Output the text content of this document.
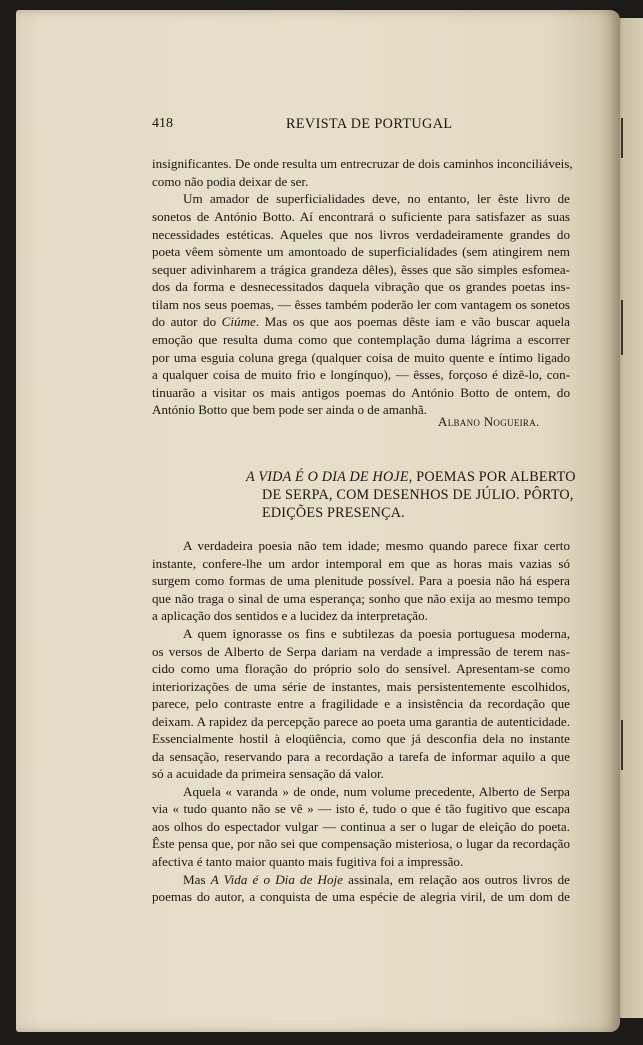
418	REVISTA DE PORTUGAL
insignificantes. De onde resulta um entrecruzar de dois caminhos inconciliáveis,
como não podia deixar de ser.
Um amador de superficialidades deve, no entanto, ler êste livro de
sonetos de António Botto. Aí encontrará o suficiente para satisfazer as suas
necessidades estéticas. Aqueles que nos livros verdadeiramente grandes do
poeta vêem sòmente um amontoado de superficialidades (sem atingirem nem
sequer adivinharem a trágica grandeza dêles), êsses que são simples esfomea-
dos da forma e desnecessitados daquela vibração que os grandes poetas ins-
tilam nos seus poemas, — êsses também poderão ler com vantagem os sonetos
do autor do Ciúme. Mas os que aos poemas dêste iam e vão buscar aquela
emoção que resulta duma como que contemplação duma lágrima a escorrer
por uma esguia coluna grega (qualquer coisa de muito quente e íntimo ligado
a qualquer coisa de muito frio e longínquo), — êsses, forçoso é dizê-lo, con-
tinuarão a visitar os mais antigos poemas do António Botto de ontem, do
António Botto que bem pode ser ainda o de amanhã.
Albano Nogueira.
A VIDA É O DIA DE HOJE, POEMAS POR ALBERTO
DE SERPA, COM DESENHOS DE JÚLIO. PÔRTO,
EDIÇÕES PRESENÇA.
A verdadeira poesia não tem idade; mesmo quando parece fixar certo
instante, confere-lhe um ardor intemporal em que as horas mais vazias só
surgem como formas de uma plenitude possível. Para a poesia não há espera
que não traga o sinal de uma esperança; sonho que não exija ao mesmo tempo
a aplicação dos sentidos e a lucidez da interpretação.
A quem ignorasse os fins e subtilezas da poesia portuguesa moderna,
os versos de Alberto de Serpa dariam na verdade a impressão de terem nas-
cido como uma floração do próprio solo do sensível. Apresentam-se como
interiorizações de uma série de instantes, mais persistentemente escolhidos,
parece, pelo contraste entre a fragilidade e a insistência da recordação que
deixam. A rapidez da percepção parece ao poeta uma garantia de autenticidade.
Essencialmente hostil à eloqüência, como que já desconfia dela no instante
da sensação, reservando para a recordação a tarefa de informar aquilo a que
só a acuidade da primeira sensação dá valor.
Aquela « varanda » de onde, num volume precedente, Alberto de Serpa
via « tudo quanto não se vê » — isto é, tudo o que é tão fugitivo que escapa
aos olhos do espectador vulgar — continua a ser o lugar de eleição do poeta.
Êste pensa que, por não sei que compensação misteriosa, o lugar da recordação
afectiva é tanto maior quanto mais fugitiva foi a impressão.
Mas A Vida é o Dia de Hoje assinala, em relação aos outros livros de
poemas do autor, a conquista de uma espécie de alegria viril, de um dom de
